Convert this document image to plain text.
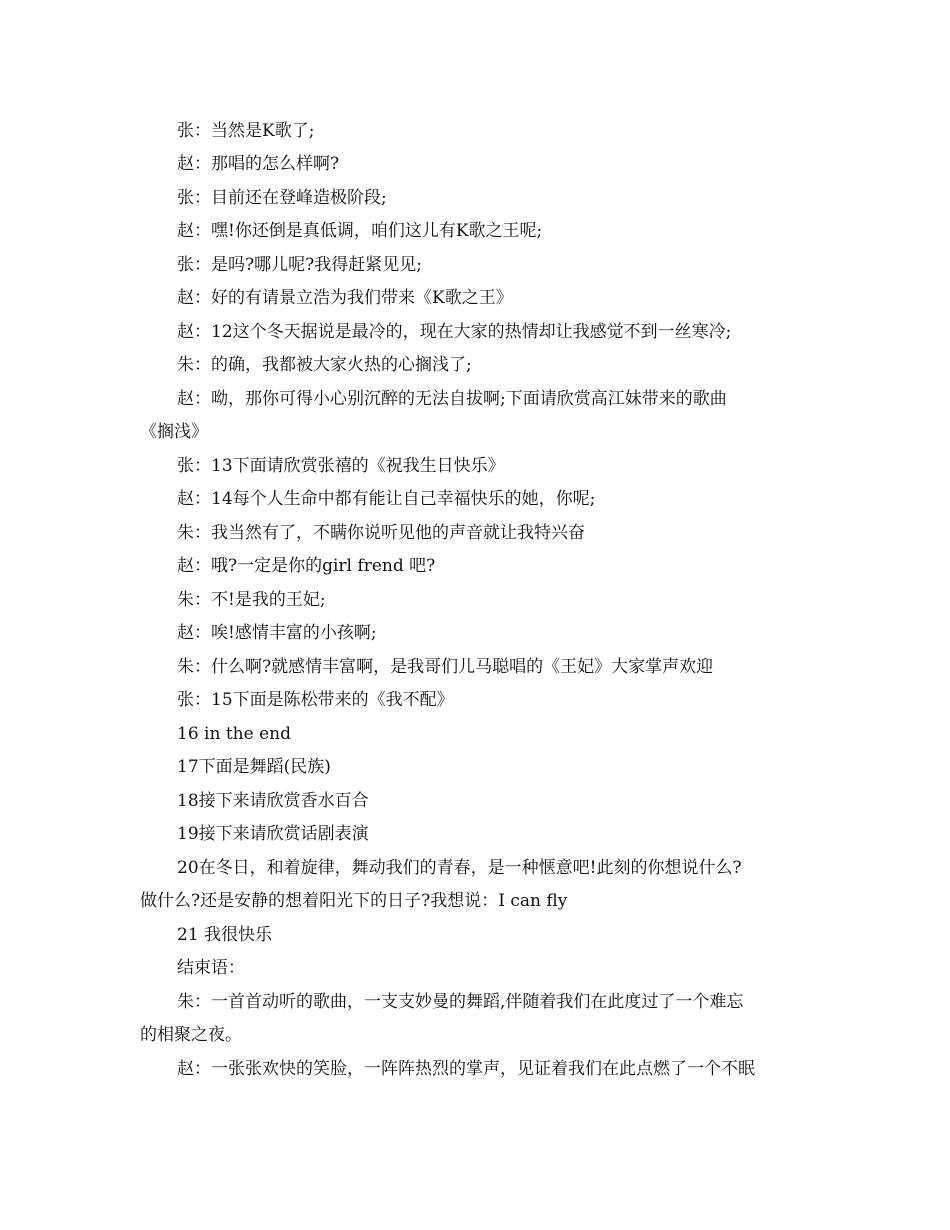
张：当然是K歌了;
赵：那唱的怎么样啊?
张：目前还在登峰造极阶段;
赵：嘿!你还倒是真低调，咱们这儿有K歌之王呢;
张：是吗?哪儿呢?我得赶紧见见;
赵：好的有请景立浩为我们带来《K歌之王》
赵：12这个冬天据说是最冷的，现在大家的热情却让我感觉不到一丝寒冷;
朱：的确，我都被大家火热的心搁浅了;
赵：呦，那你可得小心别沉醉的无法自拔啊;下面请欣赏高江妹带来的歌曲
《搁浅》
张：13下面请欣赏张禧的《祝我生日快乐》
赵：14每个人生命中都有能让自己幸福快乐的她，你呢;
朱：我当然有了，不瞒你说听见他的声音就让我特兴奋
赵：哦?一定是你的girl frend 吧?
朱：不!是我的王妃;
赵：唉!感情丰富的小孩啊;
朱：什么啊?就感情丰富啊，是我哥们儿马聪唱的《王妃》大家掌声欢迎
张：15下面是陈松带来的《我不配》
16 in the end
17下面是舞蹈(民族)
18接下来请欣赏香水百合
19接下来请欣赏话剧表演
20在冬日，和着旋律，舞动我们的青春，是一种惬意吧!此刻的你想说什么?
做什么?还是安静的想着阳光下的日子?我想说：I can fly
21 我很快乐
结束语：
朱：一首首动听的歌曲，一支支妙曼的舞蹈,伴随着我们在此度过了一个难忘
的相聚之夜。
赵：一张张欢快的笑脸，一阵阵热烈的掌声，见证着我们在此点燃了一个不眠
